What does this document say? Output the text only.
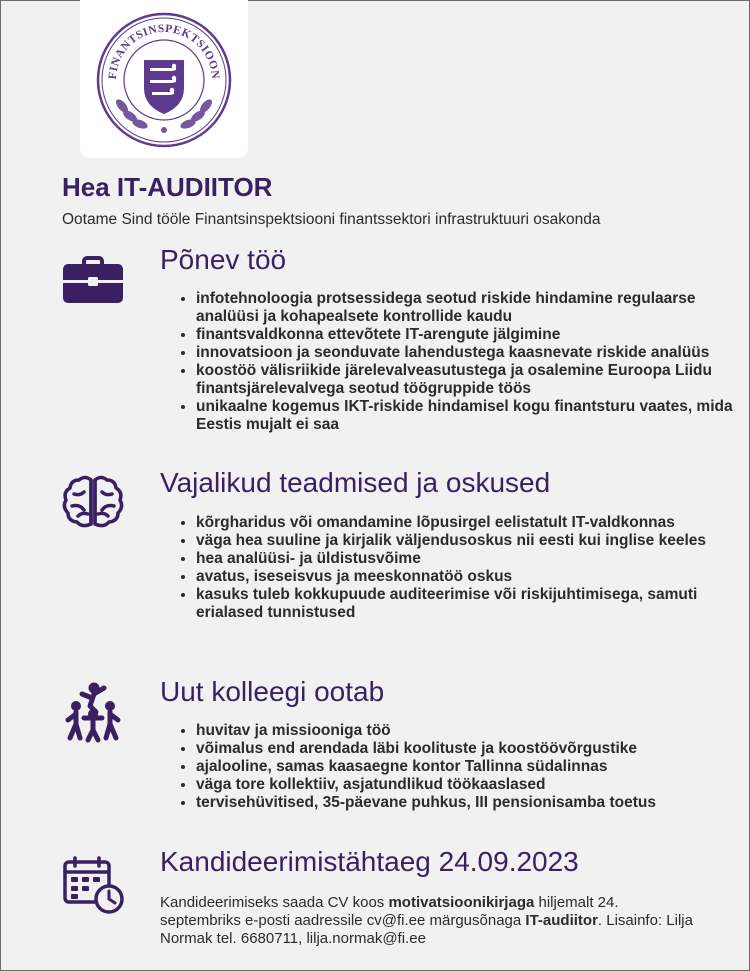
FINANTSINSPEKTSIOON
Hea IT-AUDIITOR

Ootame Sind tööle Finantsinspektsiooni finantssektori infrastruktuuri osakonda

Põnev töö
• infotehnoloogia protsessidega seotud riskide hindamine regulaarse analüüsi ja kohapealsete kontrollide kaudu
• finantsvaldkonna ettevõtete IT-arengute jälgimine
• innovatsioon ja seonduvate lahendustega kaasnevate riskide analüüs
• koostöö välisriikide järelevalveasutustega ja osalemine Euroopa Liidu finantsjärelevalvega seotud töögruppide töös
• unikaalne kogemus IKT-riskide hindamisel kogu finantsturu vaates, mida Eestis mujalt ei saa
Vajalikud teadmised ja oskused
• kõrgharidus või omandamine lõpusirgel eelistatult IT-valdkonnas
• väga hea suuline ja kirjalik väljendusoskus nii eesti kui inglise keeles
• hea analüüsi- ja üldistusvõime
• avatus, iseseisvus ja meeskonnatöö oskus
• kasuks tuleb kokkupuude auditeerimise või riskijuhtimisega, samuti erialased tunnistused
Uut kolleegi ootab
• huvitav ja missiooniga töö
• võimalus end arendada läbi koolituste ja koostöövõrgustike
• ajalooline, samas kaasaegne kontor Tallinna südalinnas
• väga tore kollektiiv, asjatundlikud töökaaslased
• tervisehüvitised, 35-päevane puhkus, III pensionisamba toetus
Kandideerimistähtaeg 24.09.2023

Kandideerimiseks saada CV koos motivatsioonikirjaga hiljemalt 24. septembriks e-posti aadressile cv@fi.ee märgusõnaga IT-audiitor. Lisainfo: Lilja Normak tel. 6680711, lilja.normak@fi.ee
